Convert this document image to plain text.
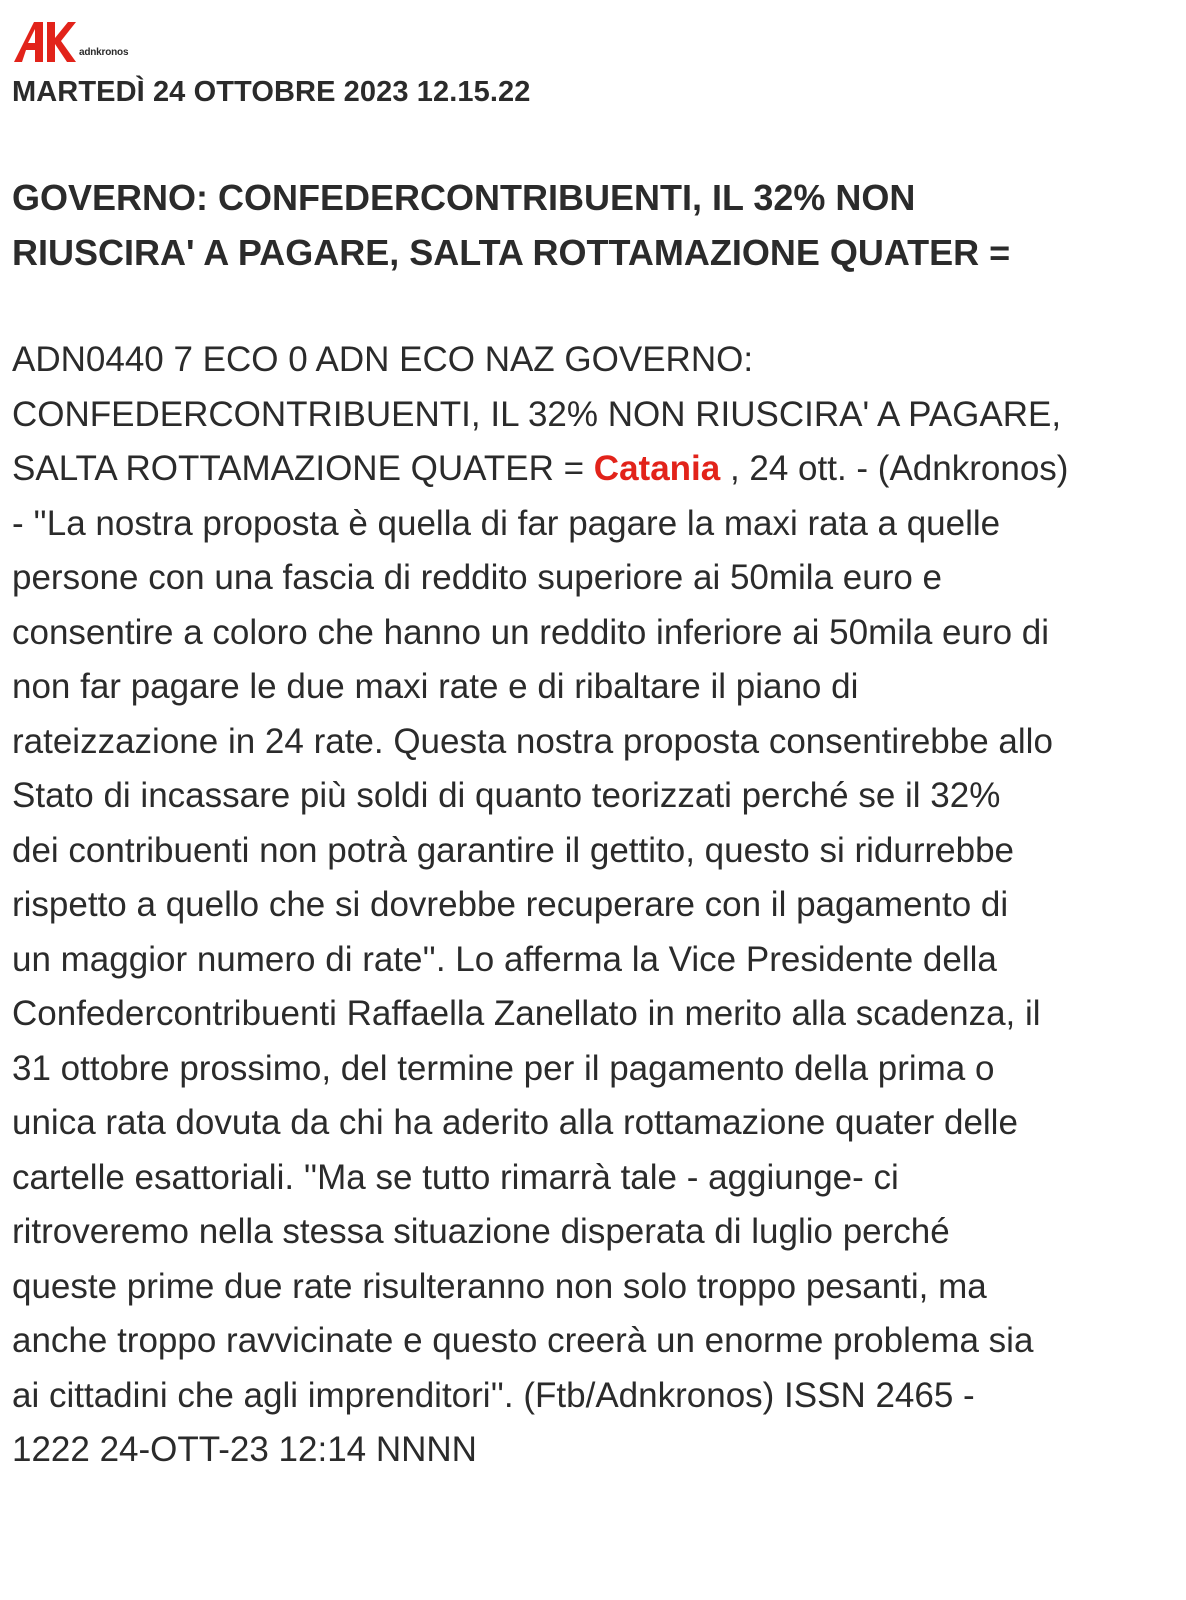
adnkronos
MARTEDÌ 24 OTTOBRE 2023 12.15.22
GOVERNO: CONFEDERCONTRIBUENTI, IL 32% NON
RIUSCIRA' A PAGARE, SALTA ROTTAMAZIONE QUATER =

ADN0440 7 ECO 0 ADN ECO NAZ GOVERNO:
CONFEDERCONTRIBUENTI, IL 32% NON RIUSCIRA' A PAGARE,
SALTA ROTTAMAZIONE QUATER = Catania , 24 ott. - (Adnkronos)
- ''La nostra proposta è quella di far pagare la maxi rata a quelle
persone con una fascia di reddito superiore ai 50mila euro e
consentire a coloro che hanno un reddito inferiore ai 50mila euro di
non far pagare le due maxi rate e di ribaltare il piano di
rateizzazione in 24 rate. Questa nostra proposta consentirebbe allo
Stato di incassare più soldi di quanto teorizzati perché se il 32%
dei contribuenti non potrà garantire il gettito, questo si ridurrebbe
rispetto a quello che si dovrebbe recuperare con il pagamento di
un maggior numero di rate''. Lo afferma la Vice Presidente della
Confedercontribuenti Raffaella Zanellato in merito alla scadenza, il
31 ottobre prossimo, del termine per il pagamento della prima o
unica rata dovuta da chi ha aderito alla rottamazione quater delle
cartelle esattoriali. ''Ma se tutto rimarrà tale - aggiunge- ci
ritroveremo nella stessa situazione disperata di luglio perché
queste prime due rate risulteranno non solo troppo pesanti, ma
anche troppo ravvicinate e questo creerà un enorme problema sia
ai cittadini che agli imprenditori''. (Ftb/Adnkronos) ISSN 2465 -
1222 24-OTT-23 12:14 NNNN
